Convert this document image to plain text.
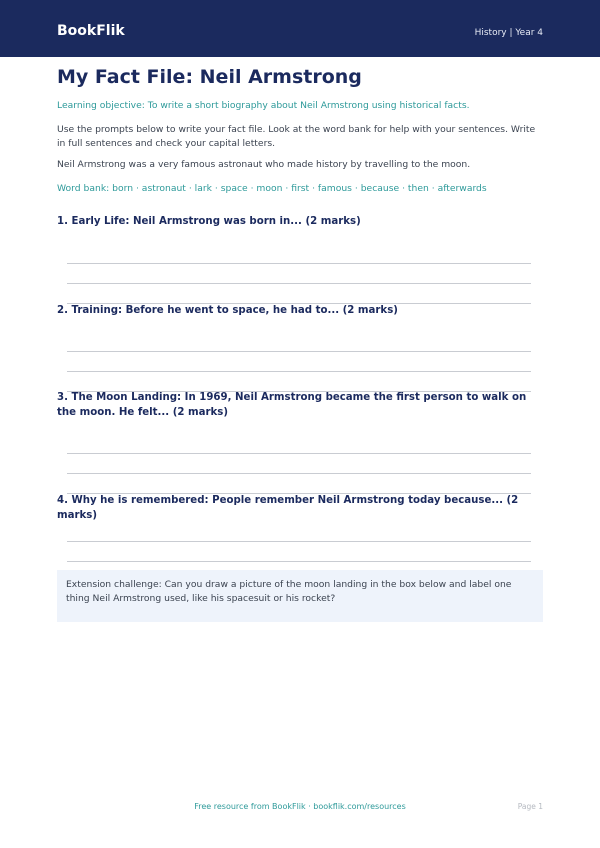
BookFlik	History | Year 4
My Fact File: Neil Armstrong
Learning objective: To write a short biography about Neil Armstrong using historical facts.
Use the prompts below to write your fact file. Look at the word bank for help with your sentences. Write in full sentences and check your capital letters.
Neil Armstrong was a very famous astronaut who made history by travelling to the moon.
Word bank: born · astronaut · lark · space · moon · first · famous · because · then · afterwards
1. Early Life: Neil Armstrong was born in... (2 marks)
2. Training: Before he went to space, he had to... (2 marks)
3. The Moon Landing: In 1969, Neil Armstrong became the first person to walk on the moon. He felt... (2 marks)
4. Why he is remembered: People remember Neil Armstrong today because... (2 marks)
Extension challenge: Can you draw a picture of the moon landing in the box below and label one thing Neil Armstrong used, like his spacesuit or his rocket?
Free resource from BookFlik · bookflik.com/resources	Page 1
